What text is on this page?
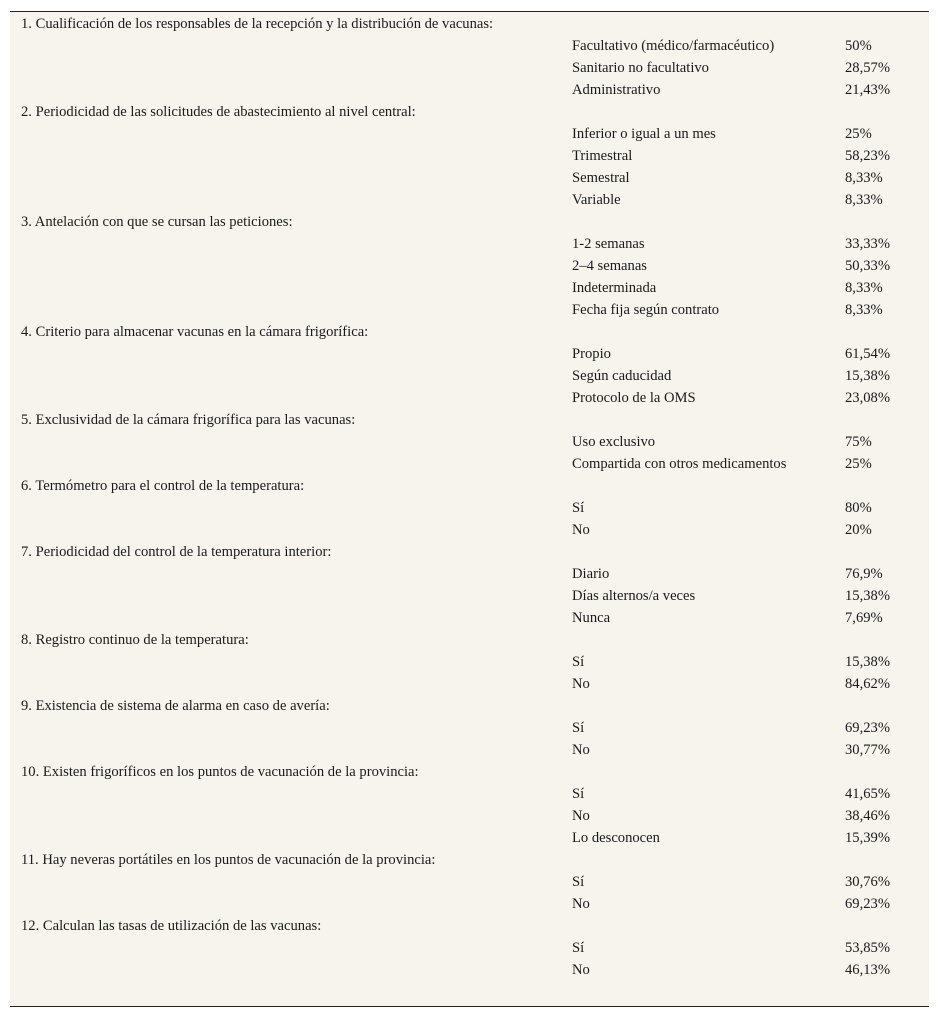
1. Cualificación de los responsables de la recepción y la distribución de vacunas:		
	Facultativo (médico/farmacéutico)	50%
	Sanitario no facultativo	28,57%
	Administrativo	21,43%
2. Periodicidad de las solicitudes de abastecimiento al nivel central:		
	Inferior o igual a un mes	25%
	Trimestral	58,23%
	Semestral	8,33%
	Variable	8,33%
3. Antelación con que se cursan las peticiones:		
	1-2 semanas	33,33%
	2–4 semanas	50,33%
	Indeterminada	8,33%
	Fecha fija según contrato	8,33%
4. Criterio para almacenar vacunas en la cámara frigorífica:		
	Propio	61,54%
	Según caducidad	15,38%
	Protocolo de la OMS	23,08%
5. Exclusividad de la cámara frigorífica para las vacunas:		
	Uso exclusivo	75%
	Compartida con otros medicamentos	25%
6. Termómetro para el control de la temperatura:		
	Sí	80%
	No	20%
7. Periodicidad del control de la temperatura interior:		
	Diario	76,9%
	Días alternos/a veces	15,38%
	Nunca	7,69%
8. Registro continuo de la temperatura:		
	Sí	15,38%
	No	84,62%
9. Existencia de sistema de alarma en caso de avería:		
	Sí	69,23%
	No	30,77%
10. Existen frigoríficos en los puntos de vacunación de la provincia:		
	Sí	41,65%
	No	38,46%
	Lo desconocen	15,39%
11. Hay neveras portátiles en los puntos de vacunación de la provincia:		
	Sí	30,76%
	No	69,23%
12. Calculan las tasas de utilización de las vacunas:		
	Sí	53,85%
	No	46,13%
